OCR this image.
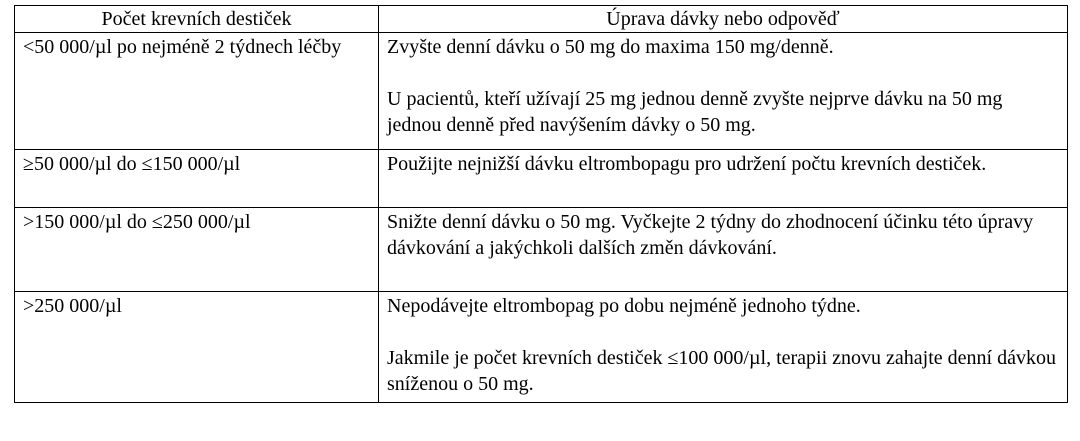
Počet krevních destiček	Úprava dávky nebo odpověď

<50 000/µl po nejméně 2 týdnech léčby	Zvyšte denní dávku o 50 mg do maxima 150 mg/denně.
U pacientů, kteří užívají 25 mg jednou denně zvyšte nejprve dávku na 50 mg jednou denně před navýšením dávky o 50 mg.

≥50 000/µl do ≤150 000/µl	Použijte nejnižší dávku eltrombopagu pro udržení počtu krevních destiček.

>150 000/µl do ≤250 000/µl	Snižte denní dávku o 50 mg. Vyčkejte 2 týdny do zhodnocení účinku této úpravy dávkování a jakýchkoli dalších změn dávkování.

>250 000/µl	Nepodávejte eltrombopag po dobu nejméně jednoho týdne.
Jakmile je počet krevních destiček ≤100 000/µl, terapii znovu zahajte denní dávkou sníženou o 50 mg.
